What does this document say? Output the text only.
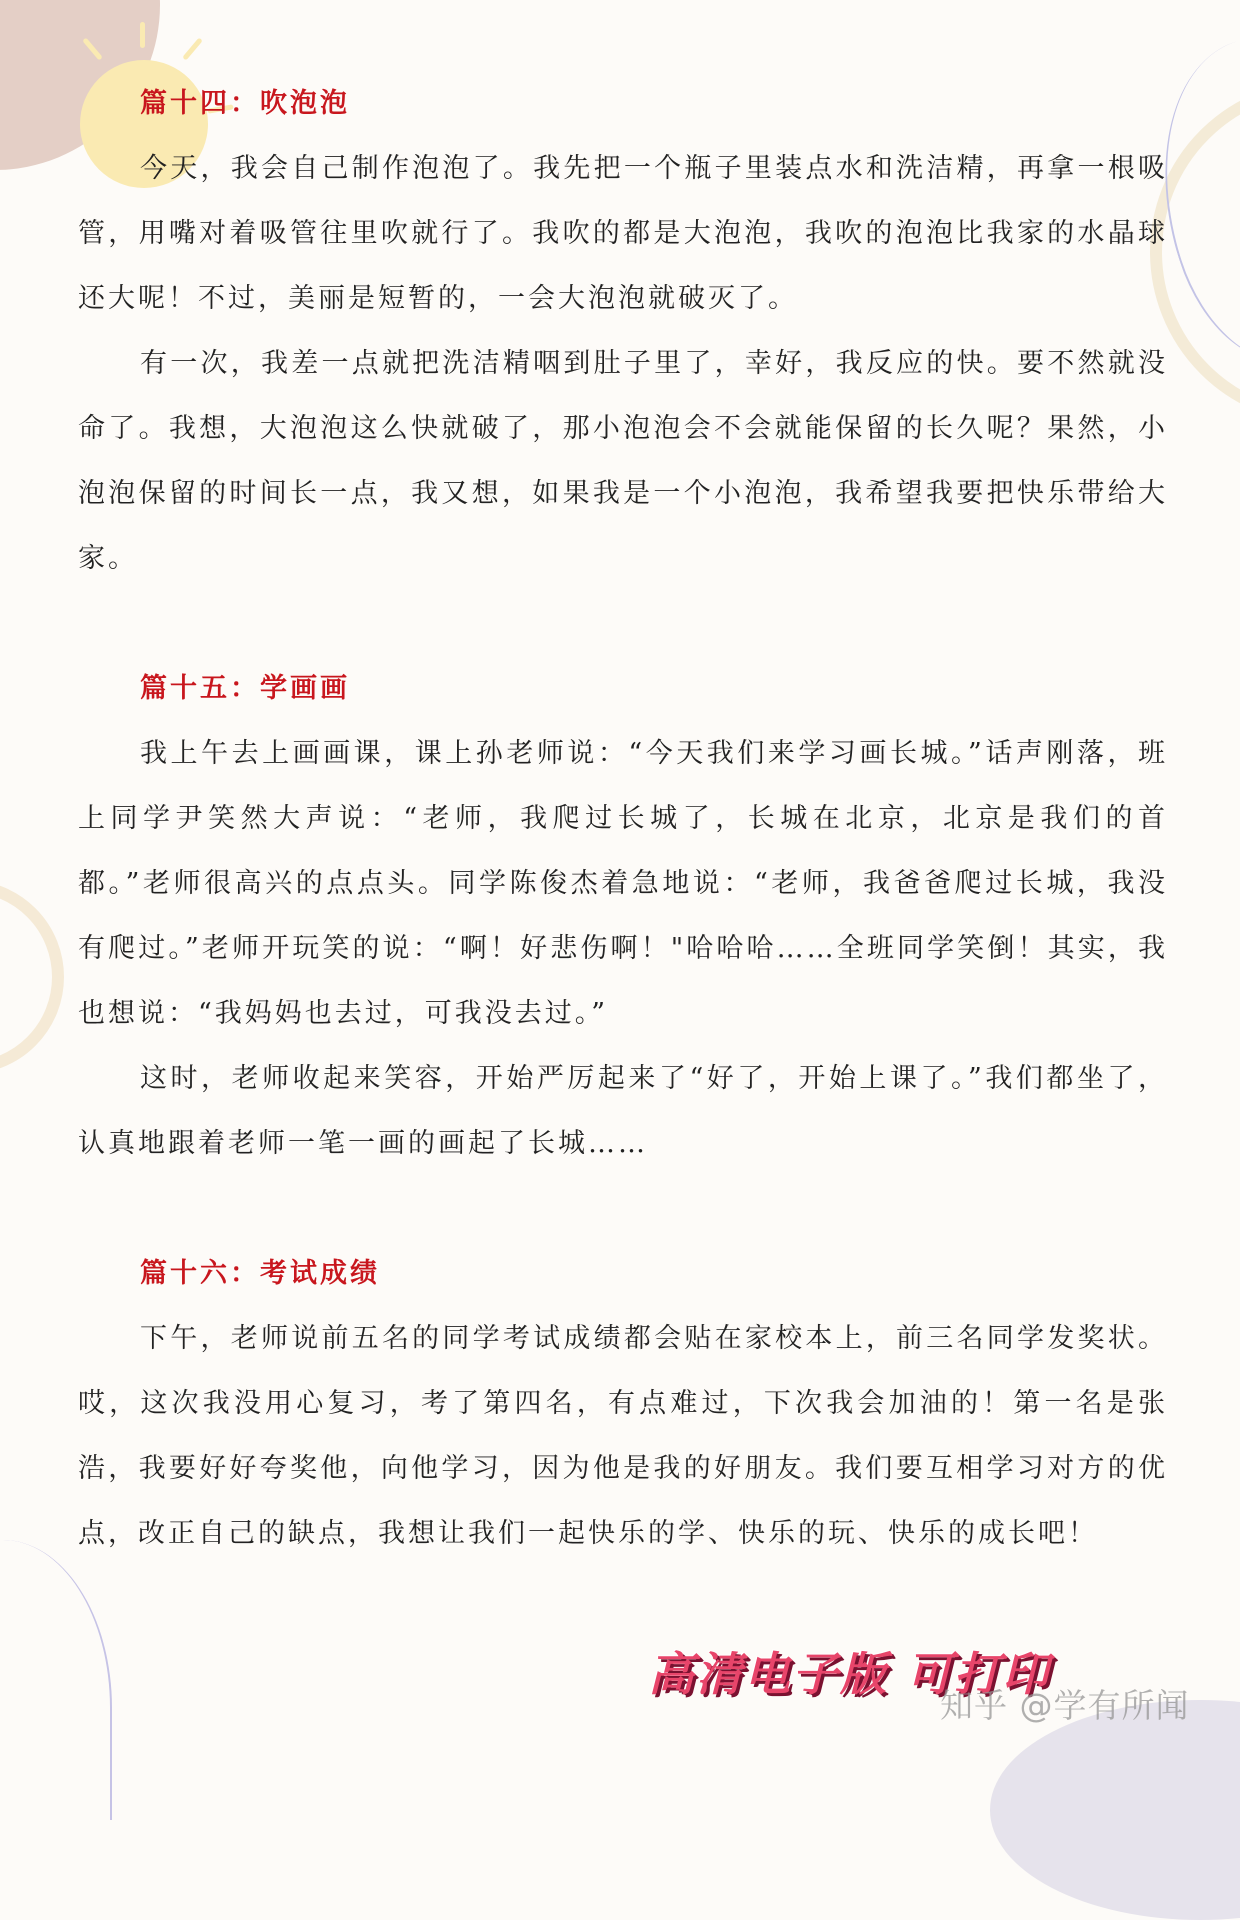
篇十四：吹泡泡

今天，我会自己制作泡泡了。我先把一个瓶子里装点水和洗洁精，再拿一根吸管，用嘴对着吸管往里吹就行了。我吹的都是大泡泡，我吹的泡泡比我家的水晶球还大呢！不过，美丽是短暂的，一会大泡泡就破灭了。

有一次，我差一点就把洗洁精咽到肚子里了，幸好，我反应的快。要不然就没命了。我想，大泡泡这么快就破了，那小泡泡会不会就能保留的长久呢？果然，小泡泡保留的时间长一点，我又想，如果我是一个小泡泡，我希望我要把快乐带给大家。

篇十五：学画画

我上午去上画画课，课上孙老师说：“今天我们来学习画长城。”话声刚落，班上同学尹笑然大声说：“老师，我爬过长城了，长城在北京，北京是我们的首都。”老师很高兴的点点头。同学陈俊杰着急地说：“老师，我爸爸爬过长城，我没有爬过。”老师开玩笑的说：“啊！好悲伤啊！"哈哈哈……全班同学笑倒！其实，我也想说：“我妈妈也去过，可我没去过。”

这时，老师收起来笑容，开始严厉起来了“好了，开始上课了。”我们都坐了，认真地跟着老师一笔一画的画起了长城……

篇十六：考试成绩

下午，老师说前五名的同学考试成绩都会贴在家校本上，前三名同学发奖状。哎，这次我没用心复习，考了第四名，有点难过，下次我会加油的！第一名是张浩，我要好好夸奖他，向他学习，因为他是我的好朋友。我们要互相学习对方的优点，改正自己的缺点，我想让我们一起快乐的学、快乐的玩、快乐的成长吧！

高清电子版 可打印
知乎 @学有所闻
